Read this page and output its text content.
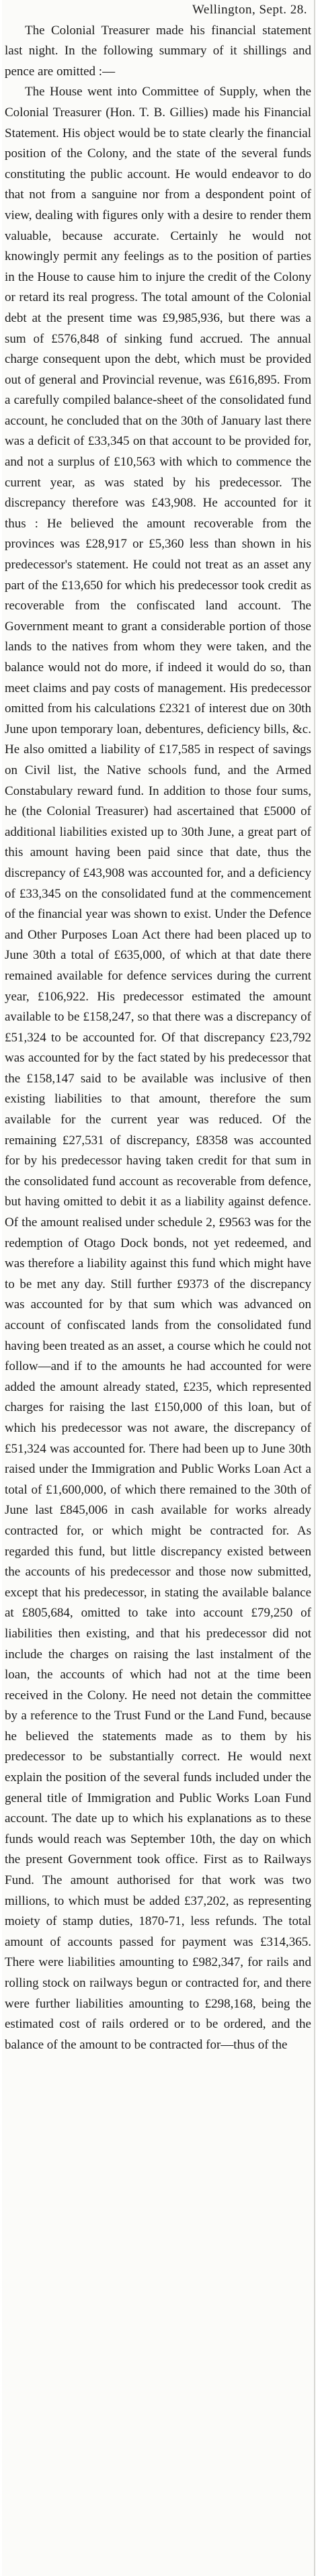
Wellington, Sept. 28.

The Colonial Treasurer made his financial statement last night. In the following summary of it shillings and pence are omitted :—

The House went into Committee of Supply, when the Colonial Treasurer (Hon. T. B. Gillies) made his Financial Statement. His object would be to state clearly the financial position of the Colony, and the state of the several funds constituting the public account. He would endeavor to do that not from a sanguine nor from a despondent point of view, dealing with figures only with a desire to render them valuable, because accurate. Certainly he would not knowingly permit any feelings as to the position of parties in the House to cause him to injure the credit of the Colony or retard its real progress. The total amount of the Colonial debt at the present time was £9,985,936, but there was a sum of £576,848 of sinking fund accrued. The annual charge consequent upon the debt, which must be provided out of general and Provincial revenue, was £616,895. From a carefully compiled balance-sheet of the consolidated fund account, he concluded that on the 30th of January last there was a deficit of £33,345 on that account to be provided for, and not a surplus of £10,563 with which to commence the current year, as was stated by his predecessor. The discrepancy therefore was £43,908. He accounted for it thus : He believed the amount recoverable from the provinces was £28,917 or £5,360 less than shown in his predecessor's statement. He could not treat as an asset any part of the £13,650 for which his predecessor took credit as recoverable from the confiscated land account. The Government meant to grant a considerable portion of those lands to the natives from whom they were taken, and the balance would not do more, if indeed it would do so, than meet claims and pay costs of management. His predecessor omitted from his calculations £2321 of interest due on 30th June upon temporary loan, debentures, deficiency bills, &c. He also omitted a liability of £17,585 in respect of savings on Civil list, the Native schools fund, and the Armed Constabulary reward fund. In addition to those four sums, he (the Colonial Treasurer) had ascertained that £5000 of additional liabilities existed up to 30th June, a great part of this amount having been paid since that date, thus the discrepancy of £43,908 was accounted for, and a deficiency of £33,345 on the consolidated fund at the commencement of the financial year was shown to exist. Under the Defence and Other Purposes Loan Act there had been placed up to June 30th a total of £635,000, of which at that date there remained available for defence services during the current year, £106,922. His predecessor estimated the amount available to be £158,247, so that there was a discrepancy of £51,324 to be accounted for. Of that discrepancy £23,792 was accounted for by the fact stated by his predecessor that the £158,147 said to be available was inclusive of then existing liabilities to that amount, therefore the sum available for the current year was reduced. Of the remaining £27,531 of discrepancy, £8358 was accounted for by his predecessor having taken credit for that sum in the consolidated fund account as recoverable from defence, but having omitted to debit it as a liability against defence. Of the amount realised under schedule 2, £9563 was for the redemption of Otago Dock bonds, not yet redeemed, and was therefore a liability against this fund which might have to be met any day. Still further £9373 of the discrepancy was accounted for by that sum which was advanced on account of confiscated lands from the consolidated fund having been treated as an asset, a course which he could not follow—and if to the amounts he had accounted for were added the amount already stated, £235, which represented charges for raising the last £150,000 of this loan, but of which his predecessor was not aware, the discrepancy of £51,324 was accounted for. There had been up to June 30th raised under the Immigration and Public Works Loan Act a total of £1,600,000, of which there remained to the 30th of June last £845,006 in cash available for works already contracted for, or which might be contracted for. As regarded this fund, but little discrepancy existed between the accounts of his predecessor and those now submitted, except that his predecessor, in stating the available balance at £805,684, omitted to take into account £79,250 of liabilities then existing, and that his predecessor did not include the charges on raising the last instalment of the loan, the accounts of which had not at the time been received in the Colony. He need not detain the committee by a reference to the Trust Fund or the Land Fund, because he believed the statements made as to them by his predecessor to be substantially correct. He would next explain the position of the several funds included under the general title of Immigration and Public Works Loan Fund account. The date up to which his explanations as to these funds would reach was September 10th, the day on which the present Government took office. First as to Railways Fund. The amount authorised for that work was two millions, to which must be added £37,202, as representing moiety of stamp duties, 1870-71, less refunds. The total amount of accounts passed for payment was £314,365. There were liabilities amounting to £982,347, for rails and rolling stock on railways begun or contracted for, and there were further liabilities amounting to £298,168, being the estimated cost of rails ordered or to be ordered, and the balance of the amount to be contracted for—thus of the
